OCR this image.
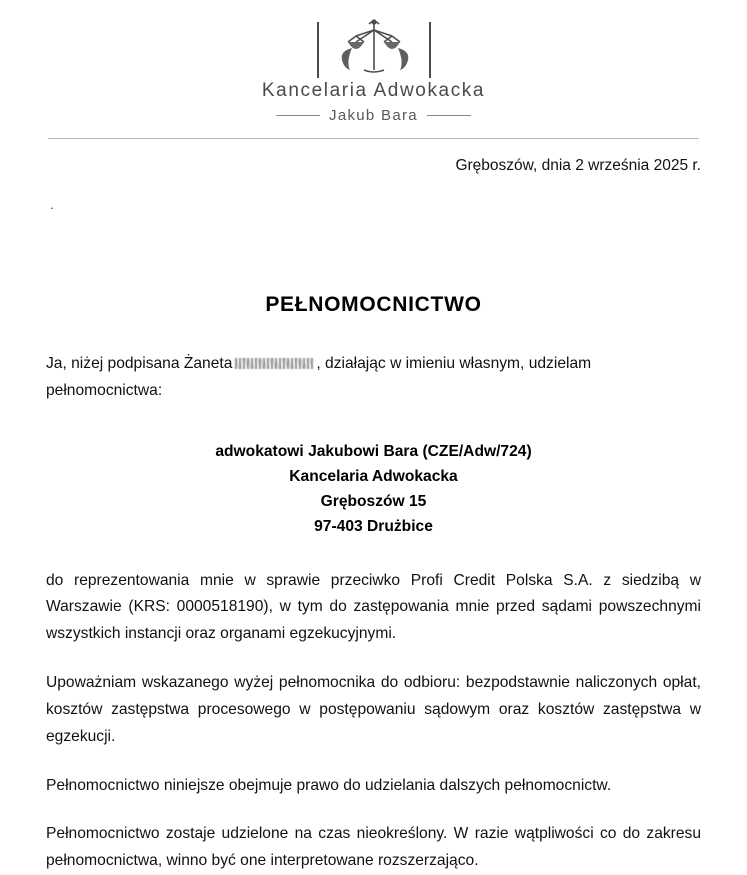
Kancelaria Adwokacka
Jakub Bara
Gręboszów, dnia 2 września 2025 r.
.
PEŁNOMOCNICTWO

Ja, niżej podpisana Żaneta	, działając w imieniu własnym, udzielam pełnomocnictwa:

adwokatowi Jakubowi Bara (CZE/Adw/724)
Kancelaria Adwokacka
Gręboszów 15
97-403 Drużbice

do reprezentowania mnie w sprawie przeciwko Profi Credit Polska S.A. z siedzibą w Warszawie (KRS: 0000518190), w tym do zastępowania mnie przed sądami powszechnymi wszystkich instancji oraz organami egzekucyjnymi.

Upoważniam wskazanego wyżej pełnomocnika do odbioru: bezpodstawnie naliczonych opłat, kosztów zastępstwa procesowego w postępowaniu sądowym oraz kosztów zastępstwa w egzekucji.

Pełnomocnictwo niniejsze obejmuje prawo do udzielania dalszych pełnomocnictw.

Pełnomocnictwo zostaje udzielone na czas nieokreślony. W razie wątpliwości co do zakresu pełnomocnictwa, winno być one interpretowane rozszerzająco.
